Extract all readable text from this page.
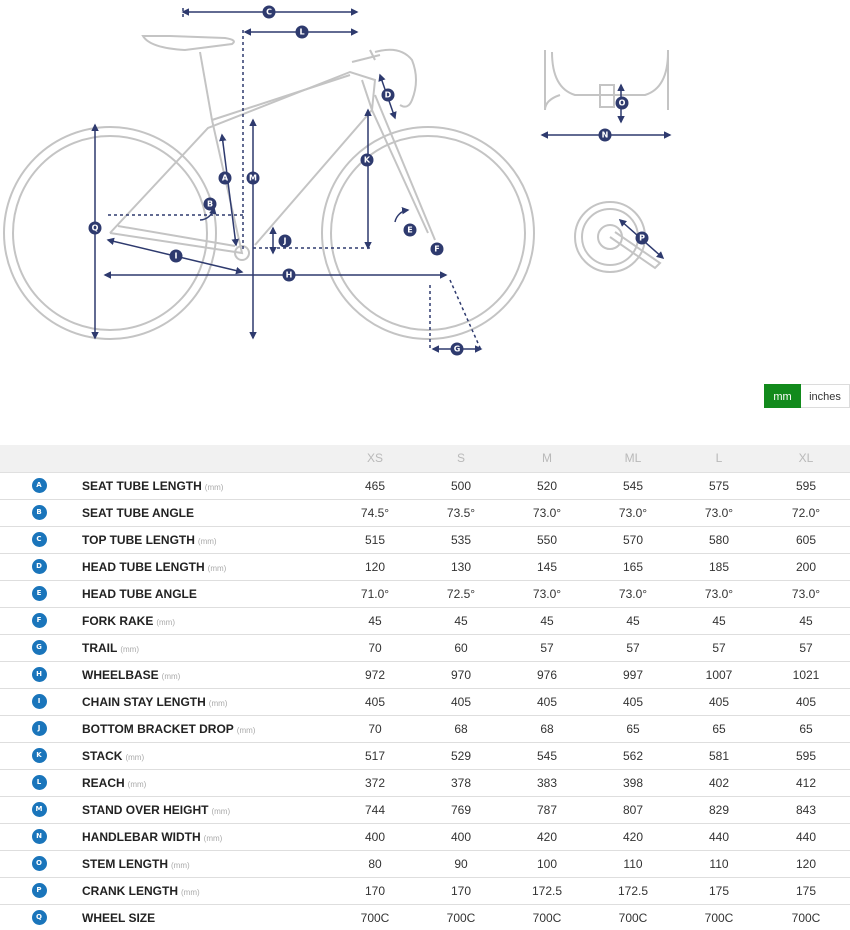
A
B
C
D
E
F
G
H
I
J
K
L
M
N
O
P
Q
mm	inches
		XS	S	M	ML	L	XL
A	SEAT TUBE LENGTH (mm)	465	500	520	545	575	595
B	SEAT TUBE ANGLE	74.5°	73.5°	73.0°	73.0°	73.0°	72.0°
C	TOP TUBE LENGTH (mm)	515	535	550	570	580	605
D	HEAD TUBE LENGTH (mm)	120	130	145	165	185	200
E	HEAD TUBE ANGLE	71.0°	72.5°	73.0°	73.0°	73.0°	73.0°
F	FORK RAKE (mm)	45	45	45	45	45	45
G	TRAIL (mm)	70	60	57	57	57	57
H	WHEELBASE (mm)	972	970	976	997	1007	1021
I	CHAIN STAY LENGTH (mm)	405	405	405	405	405	405
J	BOTTOM BRACKET DROP (mm)	70	68	68	65	65	65
K	STACK (mm)	517	529	545	562	581	595
L	REACH (mm)	372	378	383	398	402	412
M	STAND OVER HEIGHT (mm)	744	769	787	807	829	843
N	HANDLEBAR WIDTH (mm)	400	400	420	420	440	440
O	STEM LENGTH (mm)	80	90	100	110	110	120
P	CRANK LENGTH (mm)	170	170	172.5	172.5	175	175
Q	WHEEL SIZE	700C	700C	700C	700C	700C	700C
